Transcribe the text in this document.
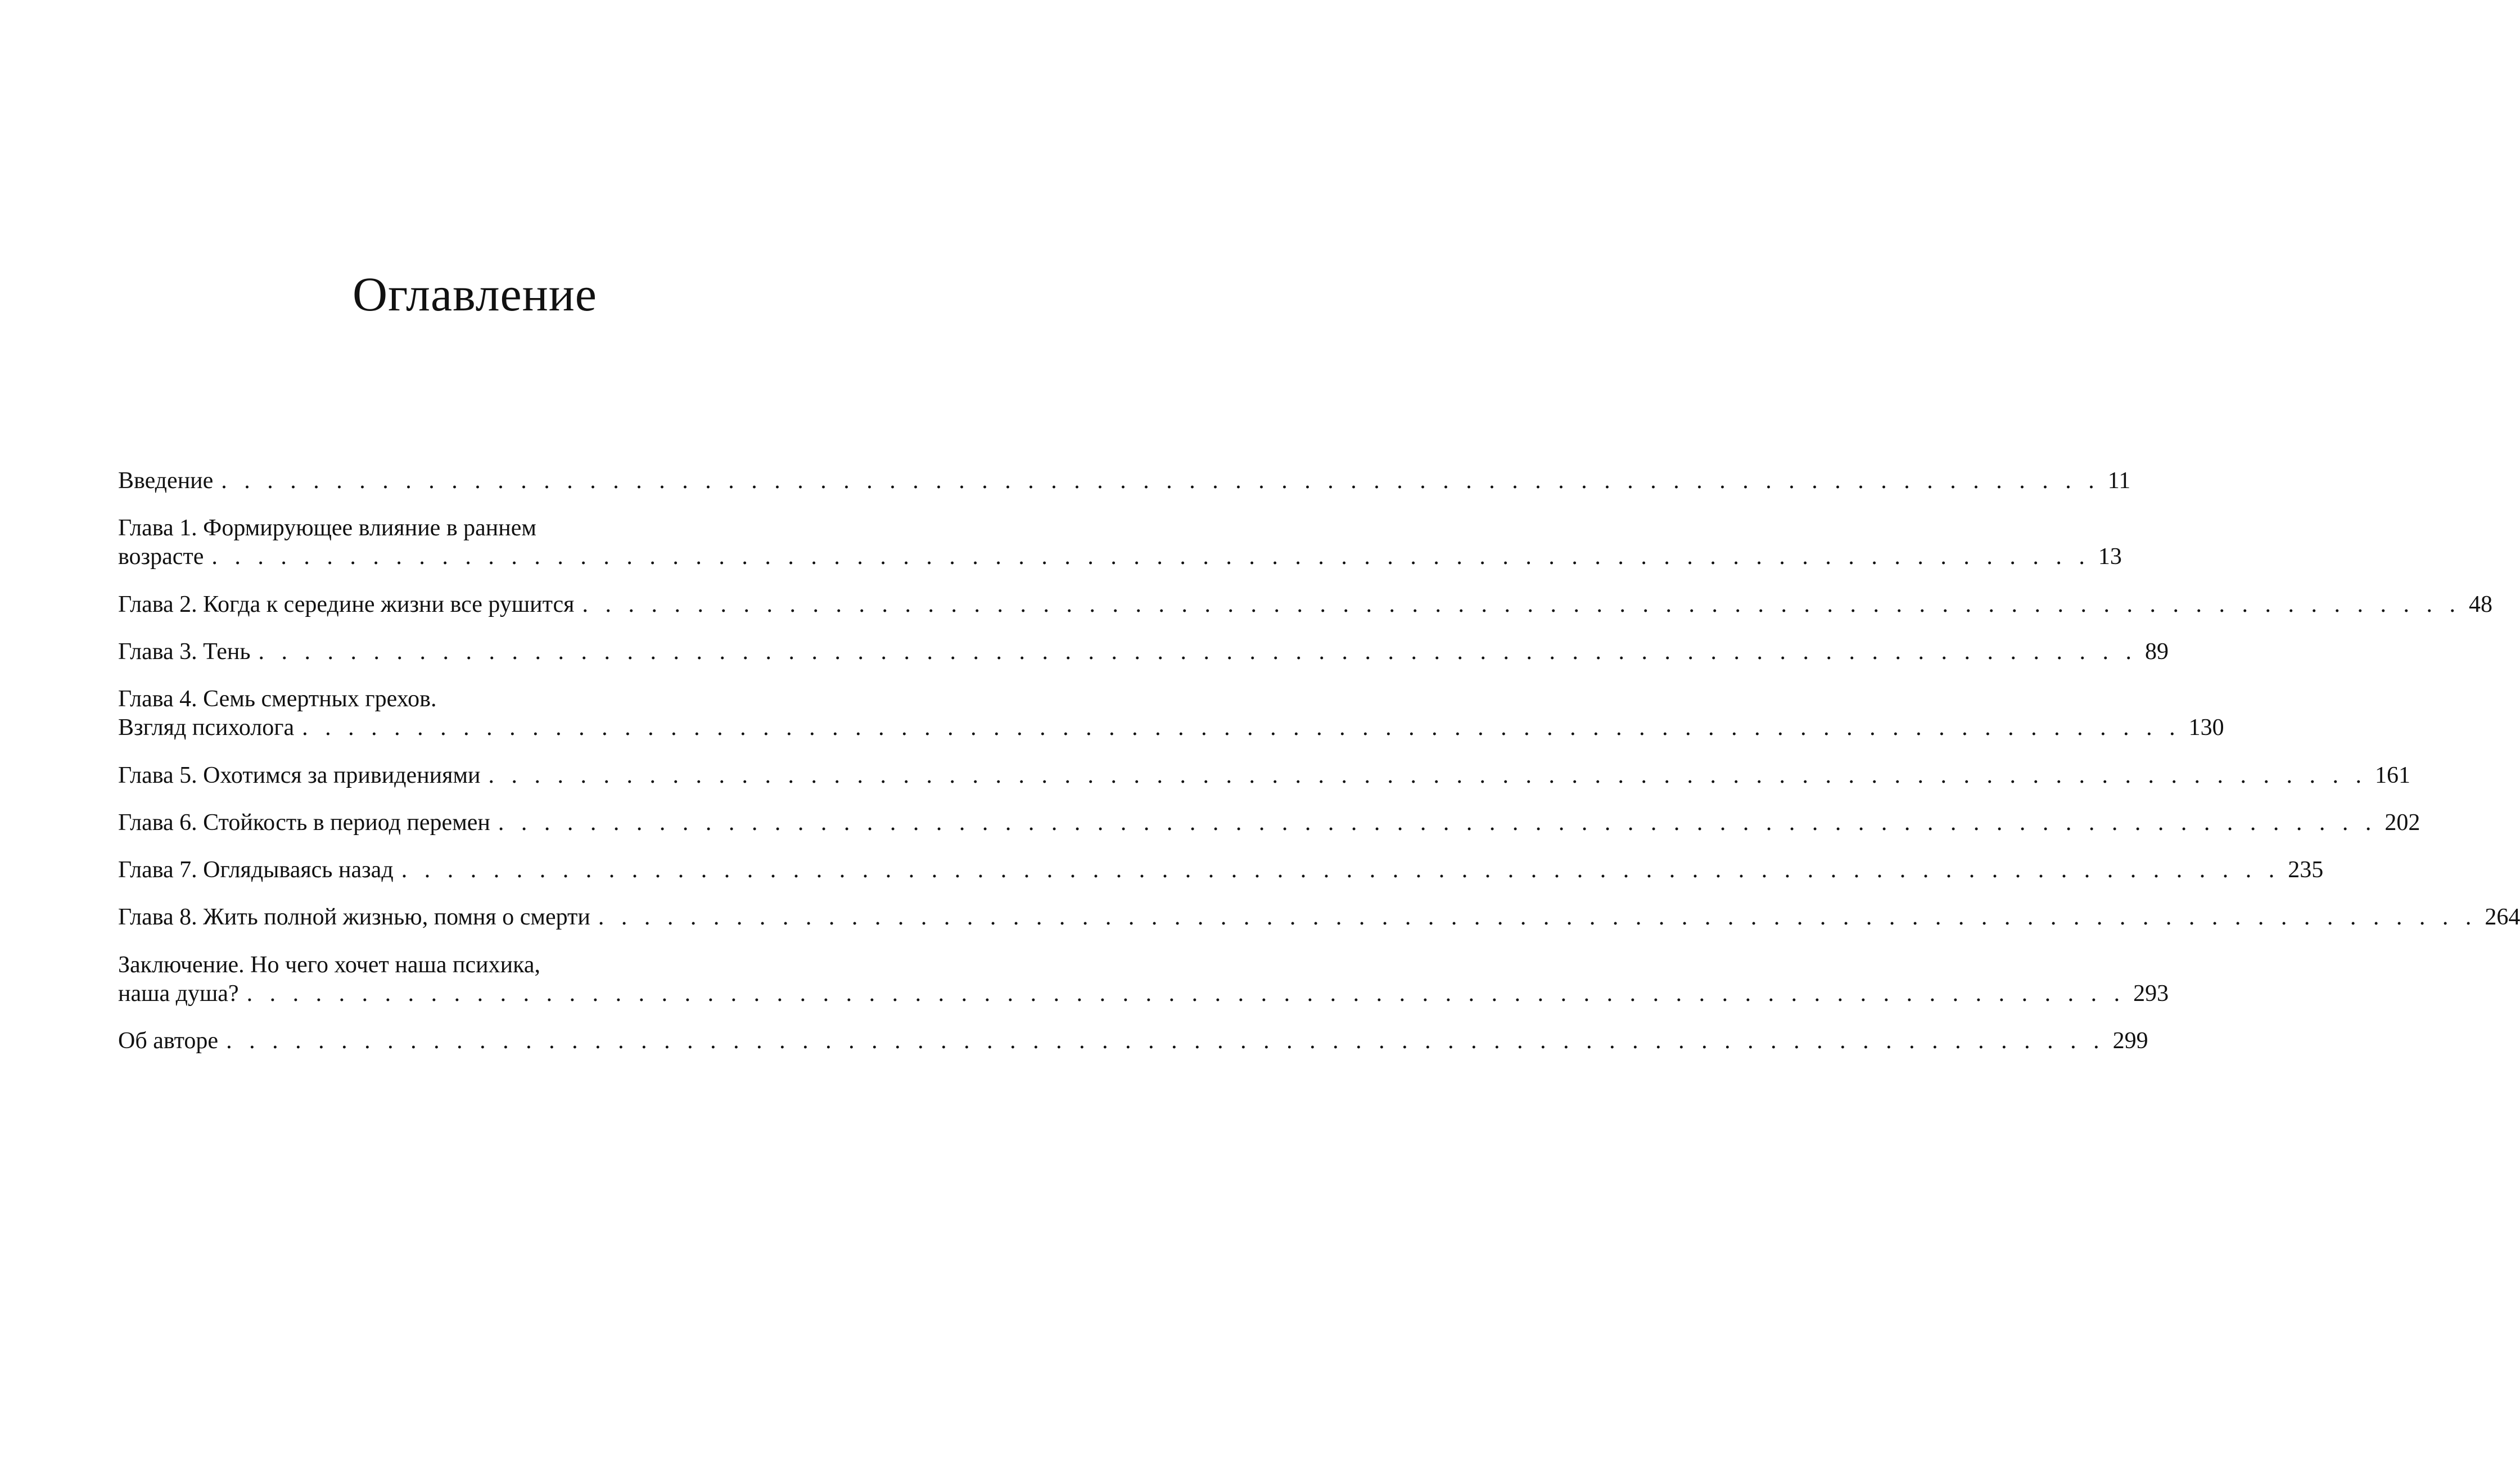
Оглавление
Введение . . . . . . . . . . . . . . . . . . . . . . . . . . . . . . . . . . . . . . . . . . . . . . . . . . . . . . . . . . . . . . . . . . . . . . . . . . . . . . . . . . 11
Глава 1. Формирующее влияние в раннем
возрасте . . . . . . . . . . . . . . . . . . . . . . . . . . . . . . . . . . . . . . . . . . . . . . . . . . . . . . . . . . . . . . . . . . . . . . . . . . . . . . . . . . 13
Глава 2. Когда к середине жизни все рушится . . . . . . . . . . . . . . . . . . . . . . . . . . . . . . . . . . . . . . . . . . . . . . . . . . . . . . . . . . . . . . . . . . . . . . . . . . . . . . . . . . 48
Глава 3. Тень . . . . . . . . . . . . . . . . . . . . . . . . . . . . . . . . . . . . . . . . . . . . . . . . . . . . . . . . . . . . . . . . . . . . . . . . . . . . . . . . . . 89
Глава 4. Семь смертных грехов.
Взгляд психолога . . . . . . . . . . . . . . . . . . . . . . . . . . . . . . . . . . . . . . . . . . . . . . . . . . . . . . . . . . . . . . . . . . . . . . . . . . . . . . . . . . 130
Глава 5. Охотимся за привидениями . . . . . . . . . . . . . . . . . . . . . . . . . . . . . . . . . . . . . . . . . . . . . . . . . . . . . . . . . . . . . . . . . . . . . . . . . . . . . . . . . . 161
Глава 6. Стойкость в период перемен . . . . . . . . . . . . . . . . . . . . . . . . . . . . . . . . . . . . . . . . . . . . . . . . . . . . . . . . . . . . . . . . . . . . . . . . . . . . . . . . . . 202
Глава 7. Оглядываясь назад . . . . . . . . . . . . . . . . . . . . . . . . . . . . . . . . . . . . . . . . . . . . . . . . . . . . . . . . . . . . . . . . . . . . . . . . . . . . . . . . . . 235
Глава 8. Жить полной жизнью, помня о смерти . . . . . . . . . . . . . . . . . . . . . . . . . . . . . . . . . . . . . . . . . . . . . . . . . . . . . . . . . . . . . . . . . . . . . . . . . . . . . . . . . . 264
Заключение. Но чего хочет наша психика,
наша душа? . . . . . . . . . . . . . . . . . . . . . . . . . . . . . . . . . . . . . . . . . . . . . . . . . . . . . . . . . . . . . . . . . . . . . . . . . . . . . . . . . . 293
Об авторе . . . . . . . . . . . . . . . . . . . . . . . . . . . . . . . . . . . . . . . . . . . . . . . . . . . . . . . . . . . . . . . . . . . . . . . . . . . . . . . . . . 299
